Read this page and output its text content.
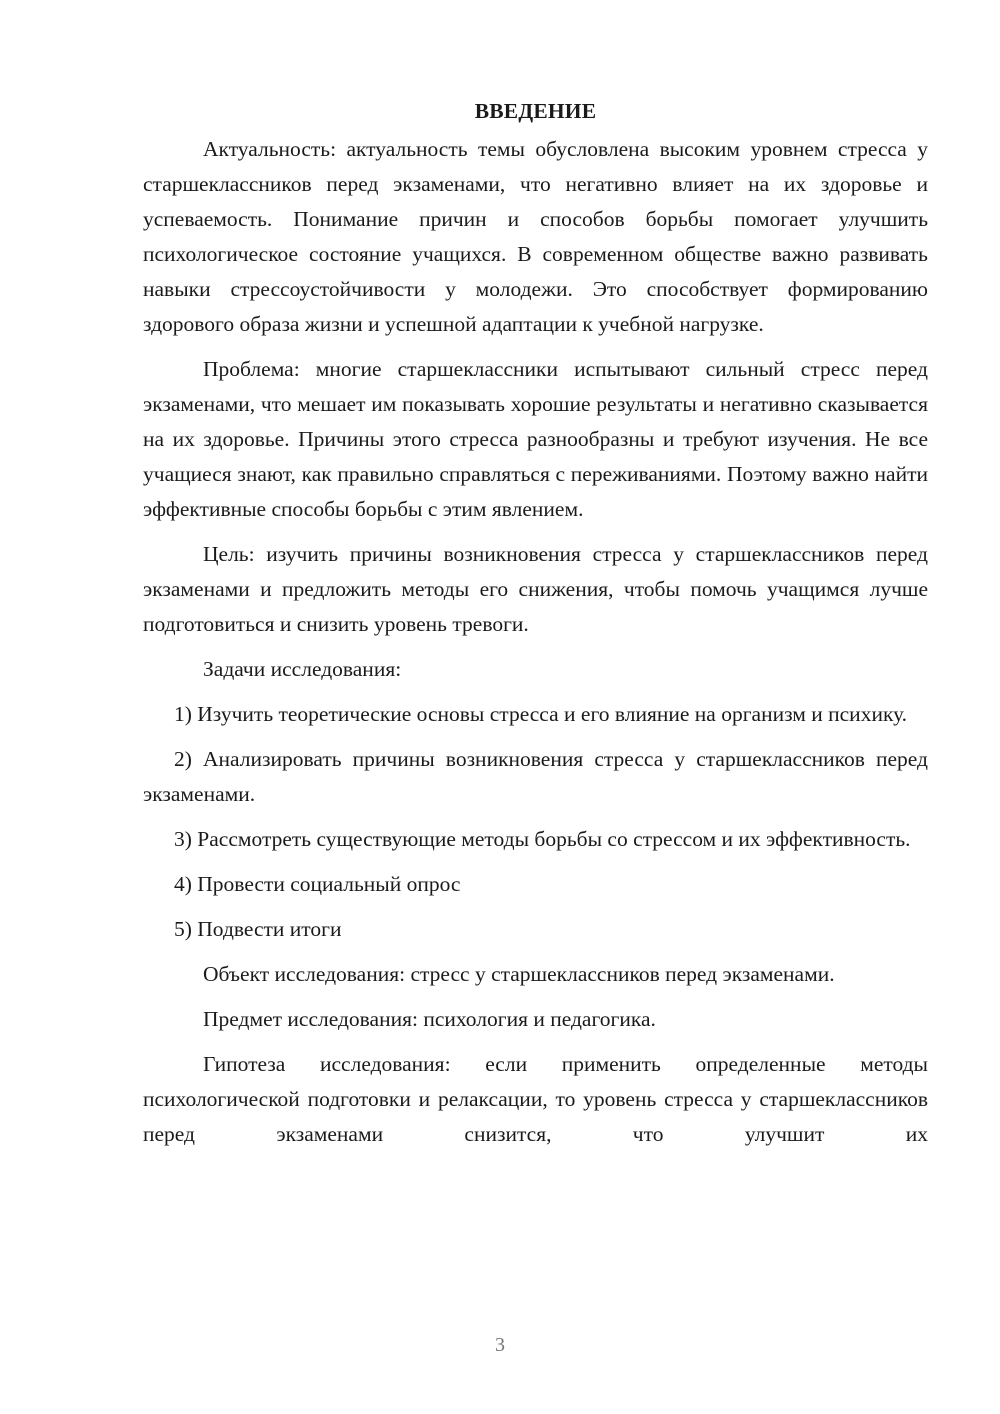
ВВЕДЕНИЕ

Актуальность: актуальность темы обусловлена высоким уровнем стресса у старшеклассников перед экзаменами, что негативно влияет на их здоровье и успеваемость. Понимание причин и способов борьбы помогает улучшить психологическое состояние учащихся. В современном обществе важно развивать навыки стрессоустойчивости у молодежи. Это способствует формированию здорового образа жизни и успешной адаптации к учебной нагрузке.

Проблема: многие старшеклассники испытывают сильный стресс перед экзаменами, что мешает им показывать хорошие результаты и негативно сказывается на их здоровье. Причины этого стресса разнообразны и требуют изучения. Не все учащиеся знают, как правильно справляться с переживаниями. Поэтому важно найти эффективные способы борьбы с этим явлением.

Цель: изучить причины возникновения стресса у старшеклассников перед экзаменами и предложить методы его снижения, чтобы помочь учащимся лучше подготовиться и снизить уровень тревоги.

Задачи исследования:

1) Изучить теоретические основы стресса и его влияние на организм и психику.

2) Анализировать причины возникновения стресса у старшеклассников перед экзаменами.

3) Рассмотреть существующие методы борьбы со стрессом и их эффективность.

4) Провести социальный опрос

5) Подвести итоги

Объект исследования: стресс у старшеклассников перед экзаменами.

Предмет исследования: психология и педагогика.

Гипотеза исследования: если применить определенные методы психологической подготовки и релаксации, то уровень стресса у старшеклассников перед экзаменами снизится, что улучшит их

3
